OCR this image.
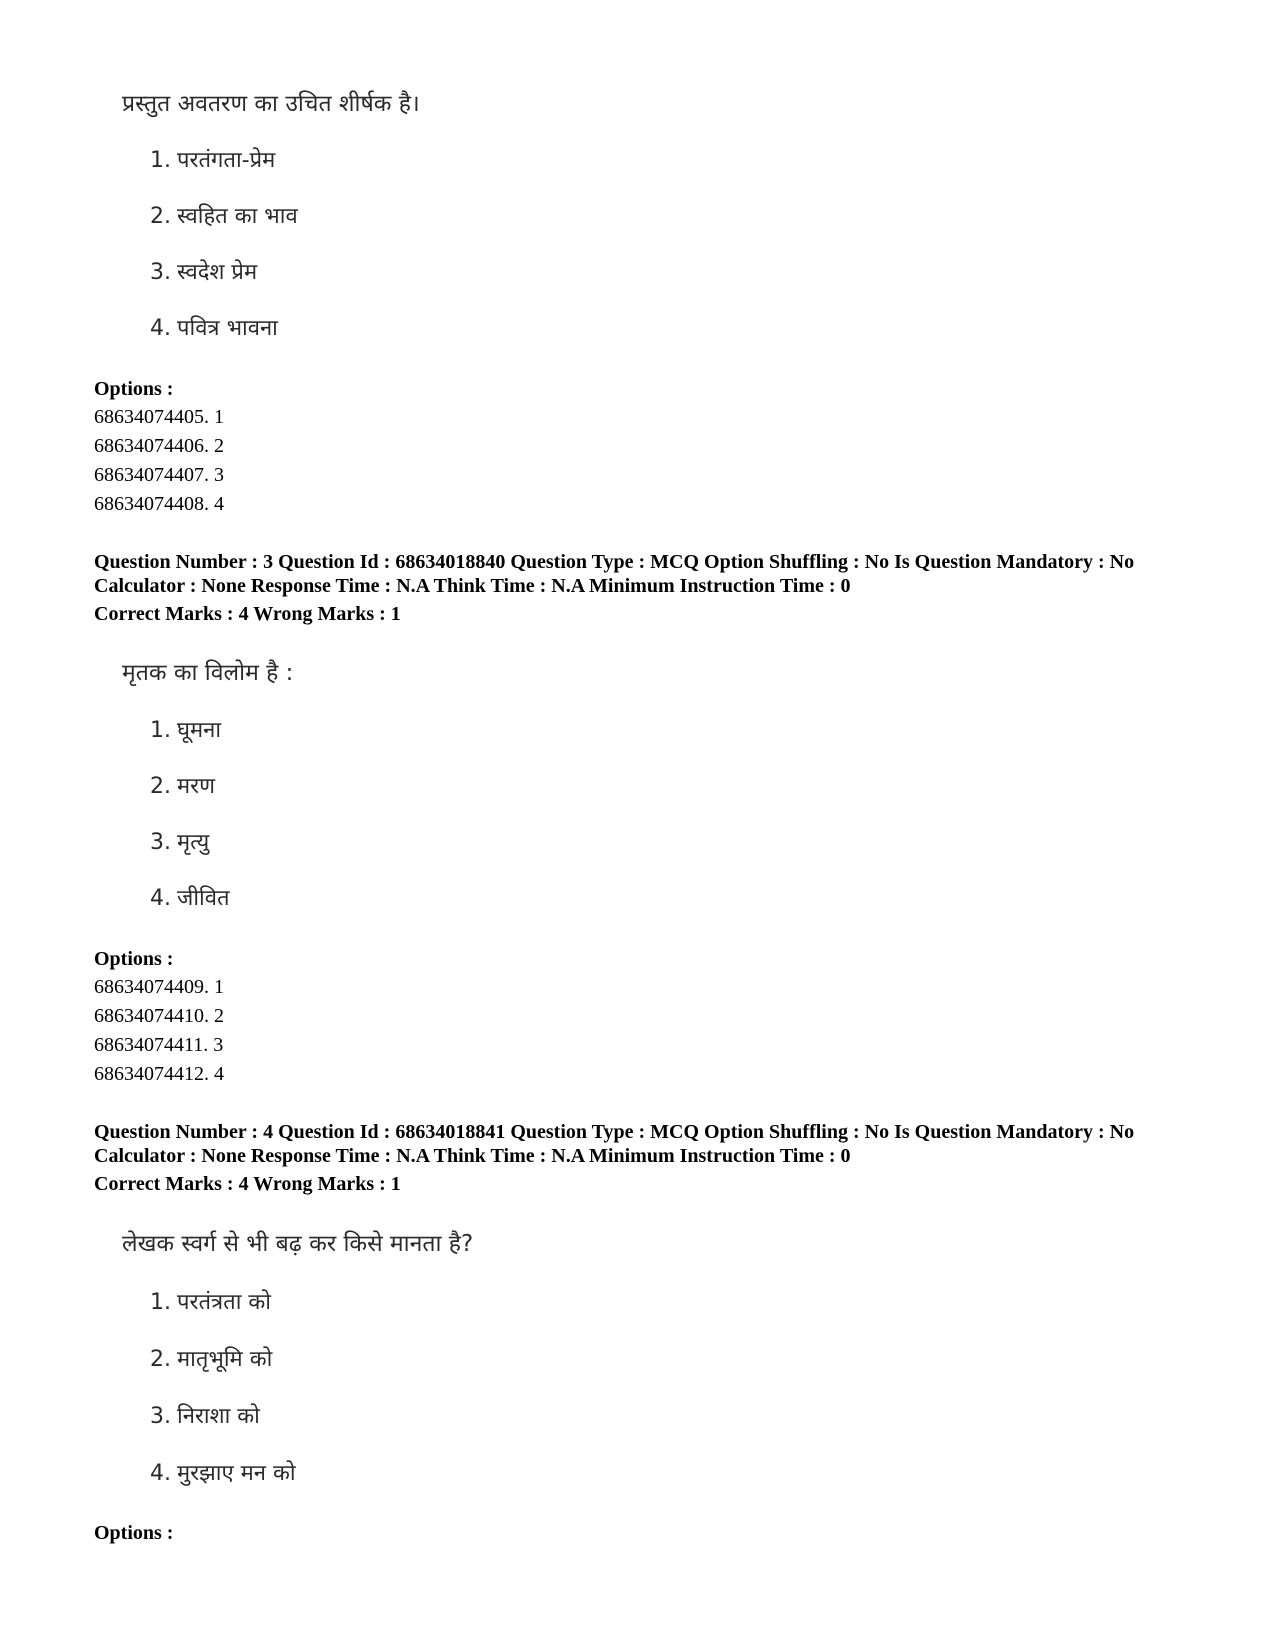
प्रस्तुत अवतरण का उचित शीर्षक है।
1. परतंगता-प्रेम
2. स्वहित का भाव
3. स्वदेश प्रेम
4. पवित्र भावना
Options :
68634074405. 1
68634074406. 2
68634074407. 3
68634074408. 4
Question Number : 3 Question Id : 68634018840 Question Type : MCQ Option Shuffling : No Is Question Mandatory : No Calculator : None Response Time : N.A Think Time : N.A Minimum Instruction Time : 0
Correct Marks : 4 Wrong Marks : 1
मृतक का विलोम है :
1. घूमना
2. मरण
3. मृत्यु
4. जीवित
Options :
68634074409. 1
68634074410. 2
68634074411. 3
68634074412. 4
Question Number : 4 Question Id : 68634018841 Question Type : MCQ Option Shuffling : No Is Question Mandatory : No Calculator : None Response Time : N.A Think Time : N.A Minimum Instruction Time : 0
Correct Marks : 4 Wrong Marks : 1
लेखक स्वर्ग से भी बढ़ कर किसे मानता है?
1. परतंत्रता को
2. मातृभूमि को
3. निराशा को
4. मुरझाए मन को
Options :
